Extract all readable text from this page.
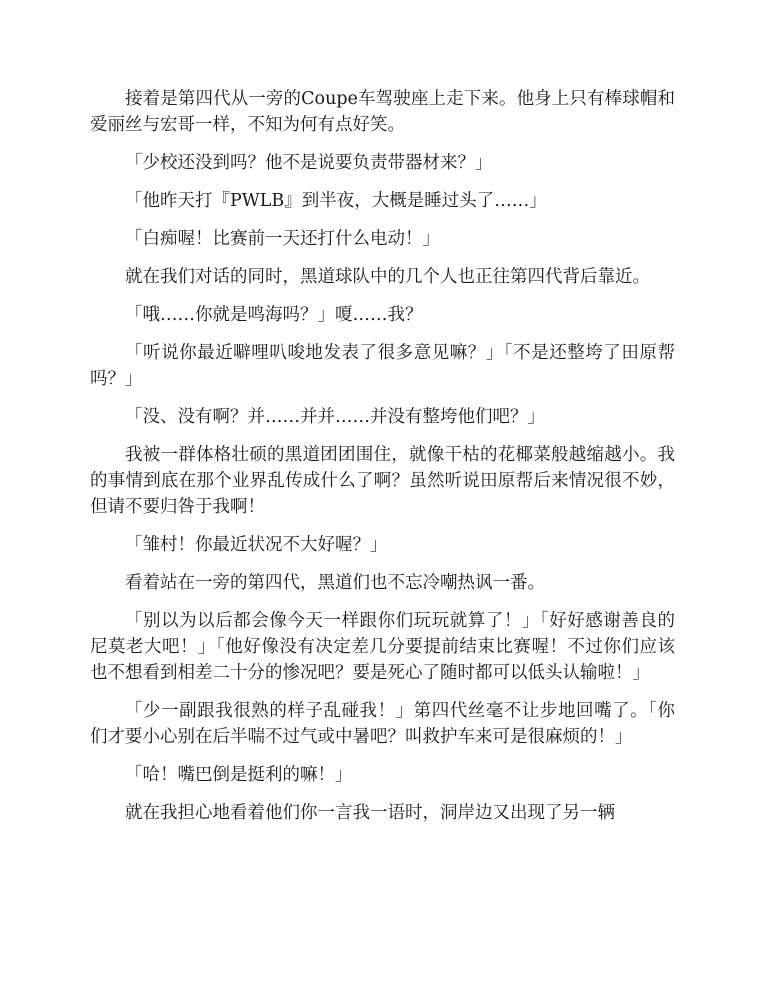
接着是第四代从一旁的Coupe车驾驶座上走下来。他身上只有棒球帽和爱丽丝与宏哥一样，不知为何有点好笑。

「少校还没到吗？他不是说要负责带器材来？」

「他昨天打『PWLB』到半夜，大概是睡过头了……」

「白痴喔！比赛前一天还打什么电动！」

就在我们对话的同时，黑道球队中的几个人也正往第四代背后靠近。

「哦……你就是鸣海吗？」嗄……我？

「听说你最近噼哩叭唆地发表了很多意见嘛？」「不是还整垮了田原帮吗？」

「没、没有啊？并……并并……并没有整垮他们吧？」

我被一群体格壮硕的黑道团团围住，就像干枯的花椰菜般越缩越小。我的事情到底在那个业界乱传成什么了啊？虽然听说田原帮后来情况很不妙，但请不要归咎于我啊！

「雏村！你最近状况不大好喔？」

看着站在一旁的第四代，黑道们也不忘冷嘲热讽一番。

「别以为以后都会像今天一样跟你们玩玩就算了！」「好好感谢善良的尼莫老大吧！」「他好像没有决定差几分要提前结束比赛喔！不过你们应该也不想看到相差二十分的惨况吧？要是死心了随时都可以低头认输啦！」

「少一副跟我很熟的样子乱碰我！」第四代丝毫不让步地回嘴了。「你们才要小心别在后半喘不过气或中暑吧？叫救护车来可是很麻烦的！」

「哈！嘴巴倒是挺利的嘛！」

就在我担心地看着他们你一言我一语时，洞岸边又出现了另一辆
